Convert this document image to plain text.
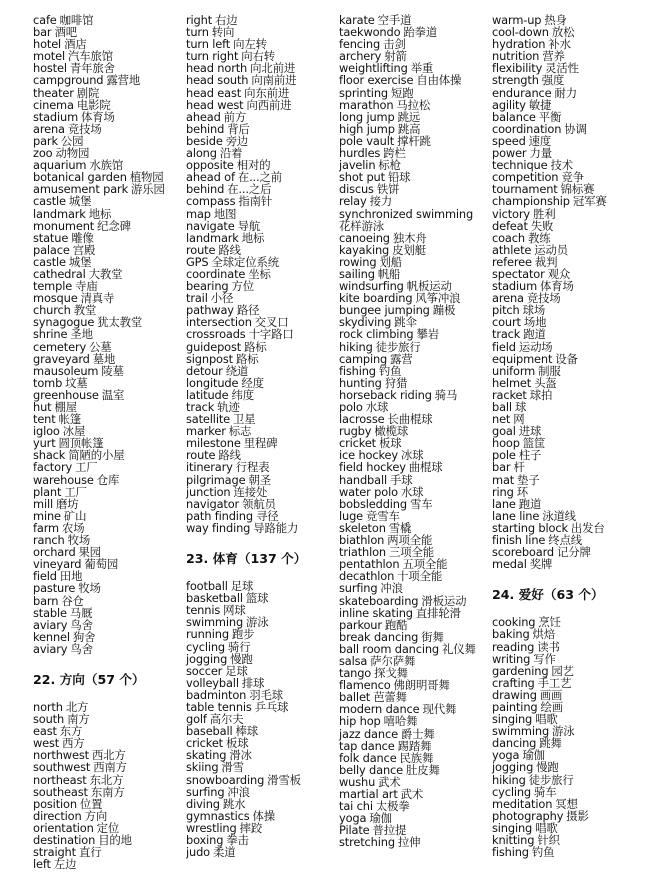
cafe 咖啡馆
bar 酒吧
hotel 酒店
motel 汽车旅馆
hostel 青年旅舍
campground 露营地
theater 剧院
cinema 电影院
stadium 体育场
arena 竞技场
park 公园
zoo 动物园
aquarium 水族馆
botanical garden 植物园
amusement park 游乐园
castle 城堡
landmark 地标
monument 纪念碑
statue 雕像
palace 宫殿
castle 城堡
cathedral 大教堂
temple 寺庙
mosque 清真寺
church 教堂
synagogue 犹太教堂
shrine 圣地
cemetery 公墓
graveyard 墓地
mausoleum 陵墓
tomb 坟墓
greenhouse 温室
hut 棚屋
tent 帐篷
igloo 冰屋
yurt 圆顶帐篷
shack 简陋的小屋
factory 工厂
warehouse 仓库
plant 工厂
mill 磨坊
mine 矿山
farm 农场
ranch 牧场
orchard 果园
vineyard 葡萄园
field 田地
pasture 牧场
barn 谷仓
stable 马厩
aviary 鸟舍
kennel 狗舍
aviary 鸟舍
22. 方向（57 个）
north 北方
south 南方
east 东方
west 西方
northwest 西北方
southwest 西南方
northeast 东北方
southeast 东南方
position 位置
direction 方向
orientation 定位
destination 目的地
straight 直行
left 左边
right 右边
turn 转向
turn left 向左转
turn right 向右转
head north 向北前进
head south 向南前进
head east 向东前进
head west 向西前进
ahead 前方
behind 背后
beside 旁边
along 沿着
opposite 相对的
ahead of 在...之前
behind 在...之后
compass 指南针
map 地图
navigate 导航
landmark 地标
route 路线
GPS 全球定位系统
coordinate 坐标
bearing 方位
trail 小径
pathway 路径
intersection 交叉口
crossroads 十字路口
guidepost 路标
signpost 路标
detour 绕道
longitude 经度
latitude 纬度
track 轨迹
satellite 卫星
marker 标志
milestone 里程碑
route 路线
itinerary 行程表
pilgrimage 朝圣
junction 连接处
navigator 领航员
path finding 寻径
way finding 导路能力
23. 体育（137 个）
football 足球
basketball 篮球
tennis 网球
swimming 游泳
running 跑步
cycling 骑行
jogging 慢跑
soccer 足球
volleyball 排球
badminton 羽毛球
table tennis 乒乓球
golf 高尔夫
baseball 棒球
cricket 板球
skating 滑冰
skiing 滑雪
snowboarding 滑雪板
surfing 冲浪
diving 跳水
gymnastics 体操
wrestling 摔跤
boxing 拳击
judo 柔道
karate 空手道
taekwondo 跆拳道
fencing 击剑
archery 射箭
weightlifting 举重
floor exercise 自由体操
sprinting 短跑
marathon 马拉松
long jump 跳远
high jump 跳高
pole vault 撑杆跳
hurdles 跨栏
javelin 标枪
shot put 铅球
discus 铁饼
relay 接力
synchronized swimming
花样游泳
canoeing 独木舟
kayaking 皮划艇
rowing 划船
sailing 帆船
windsurfing 帆板运动
kite boarding 风筝冲浪
bungee jumping 蹦极
skydiving 跳伞
rock climbing 攀岩
hiking 徒步旅行
camping 露营
fishing 钓鱼
hunting 狩猎
horseback riding 骑马
polo 水球
lacrosse 长曲棍球
rugby 橄榄球
cricket 板球
ice hockey 冰球
field hockey 曲棍球
handball 手球
water polo 水球
bobsledding 雪车
luge 竞雪车
skeleton 雪橇
biathlon 两项全能
triathlon 三项全能
pentathlon 五项全能
decathlon 十项全能
surfing 冲浪
skateboarding 滑板运动
inline skating 直排轮滑
parkour 跑酷
break dancing 街舞
ball room dancing 礼仪舞
salsa 萨尔萨舞
tango 探戈舞
flamenco 佛朗明哥舞
ballet 芭蕾舞
modern dance 现代舞
hip hop 嘻哈舞
jazz dance 爵士舞
tap dance 踢踏舞
folk dance 民族舞
belly dance 肚皮舞
wushu 武术
martial art 武术
tai chi 太极拳
yoga 瑜伽
Pilate 普拉提
stretching 拉伸
warm-up 热身
cool-down 放松
hydration 补水
nutrition 营养
flexibility 灵活性
strength 强度
endurance 耐力
agility 敏捷
balance 平衡
coordination 协调
speed 速度
power 力量
technique 技术
competition 竞争
tournament 锦标赛
championship 冠军赛
victory 胜利
defeat 失败
coach 教练
athlete 运动员
referee 裁判
spectator 观众
stadium 体育场
arena 竞技场
pitch 球场
court 场地
track 跑道
field 运动场
equipment 设备
uniform 制服
helmet 头盔
racket 球拍
ball 球
net 网
goal 进球
hoop 篮筐
pole 柱子
bar 杆
mat 垫子
ring 环
lane 跑道
lane line 泳道线
starting block 出发台
finish line 终点线
scoreboard 记分牌
medal 奖牌
24. 爱好（63 个）
cooking 烹饪
baking 烘焙
reading 读书
writing 写作
gardening 园艺
crafting 手工艺
drawing 画画
painting 绘画
singing 唱歌
swimming 游泳
dancing 跳舞
yoga 瑜伽
jogging 慢跑
hiking 徒步旅行
cycling 骑车
meditation 冥想
photography 摄影
singing 唱歌
knitting 针织
fishing 钓鱼
